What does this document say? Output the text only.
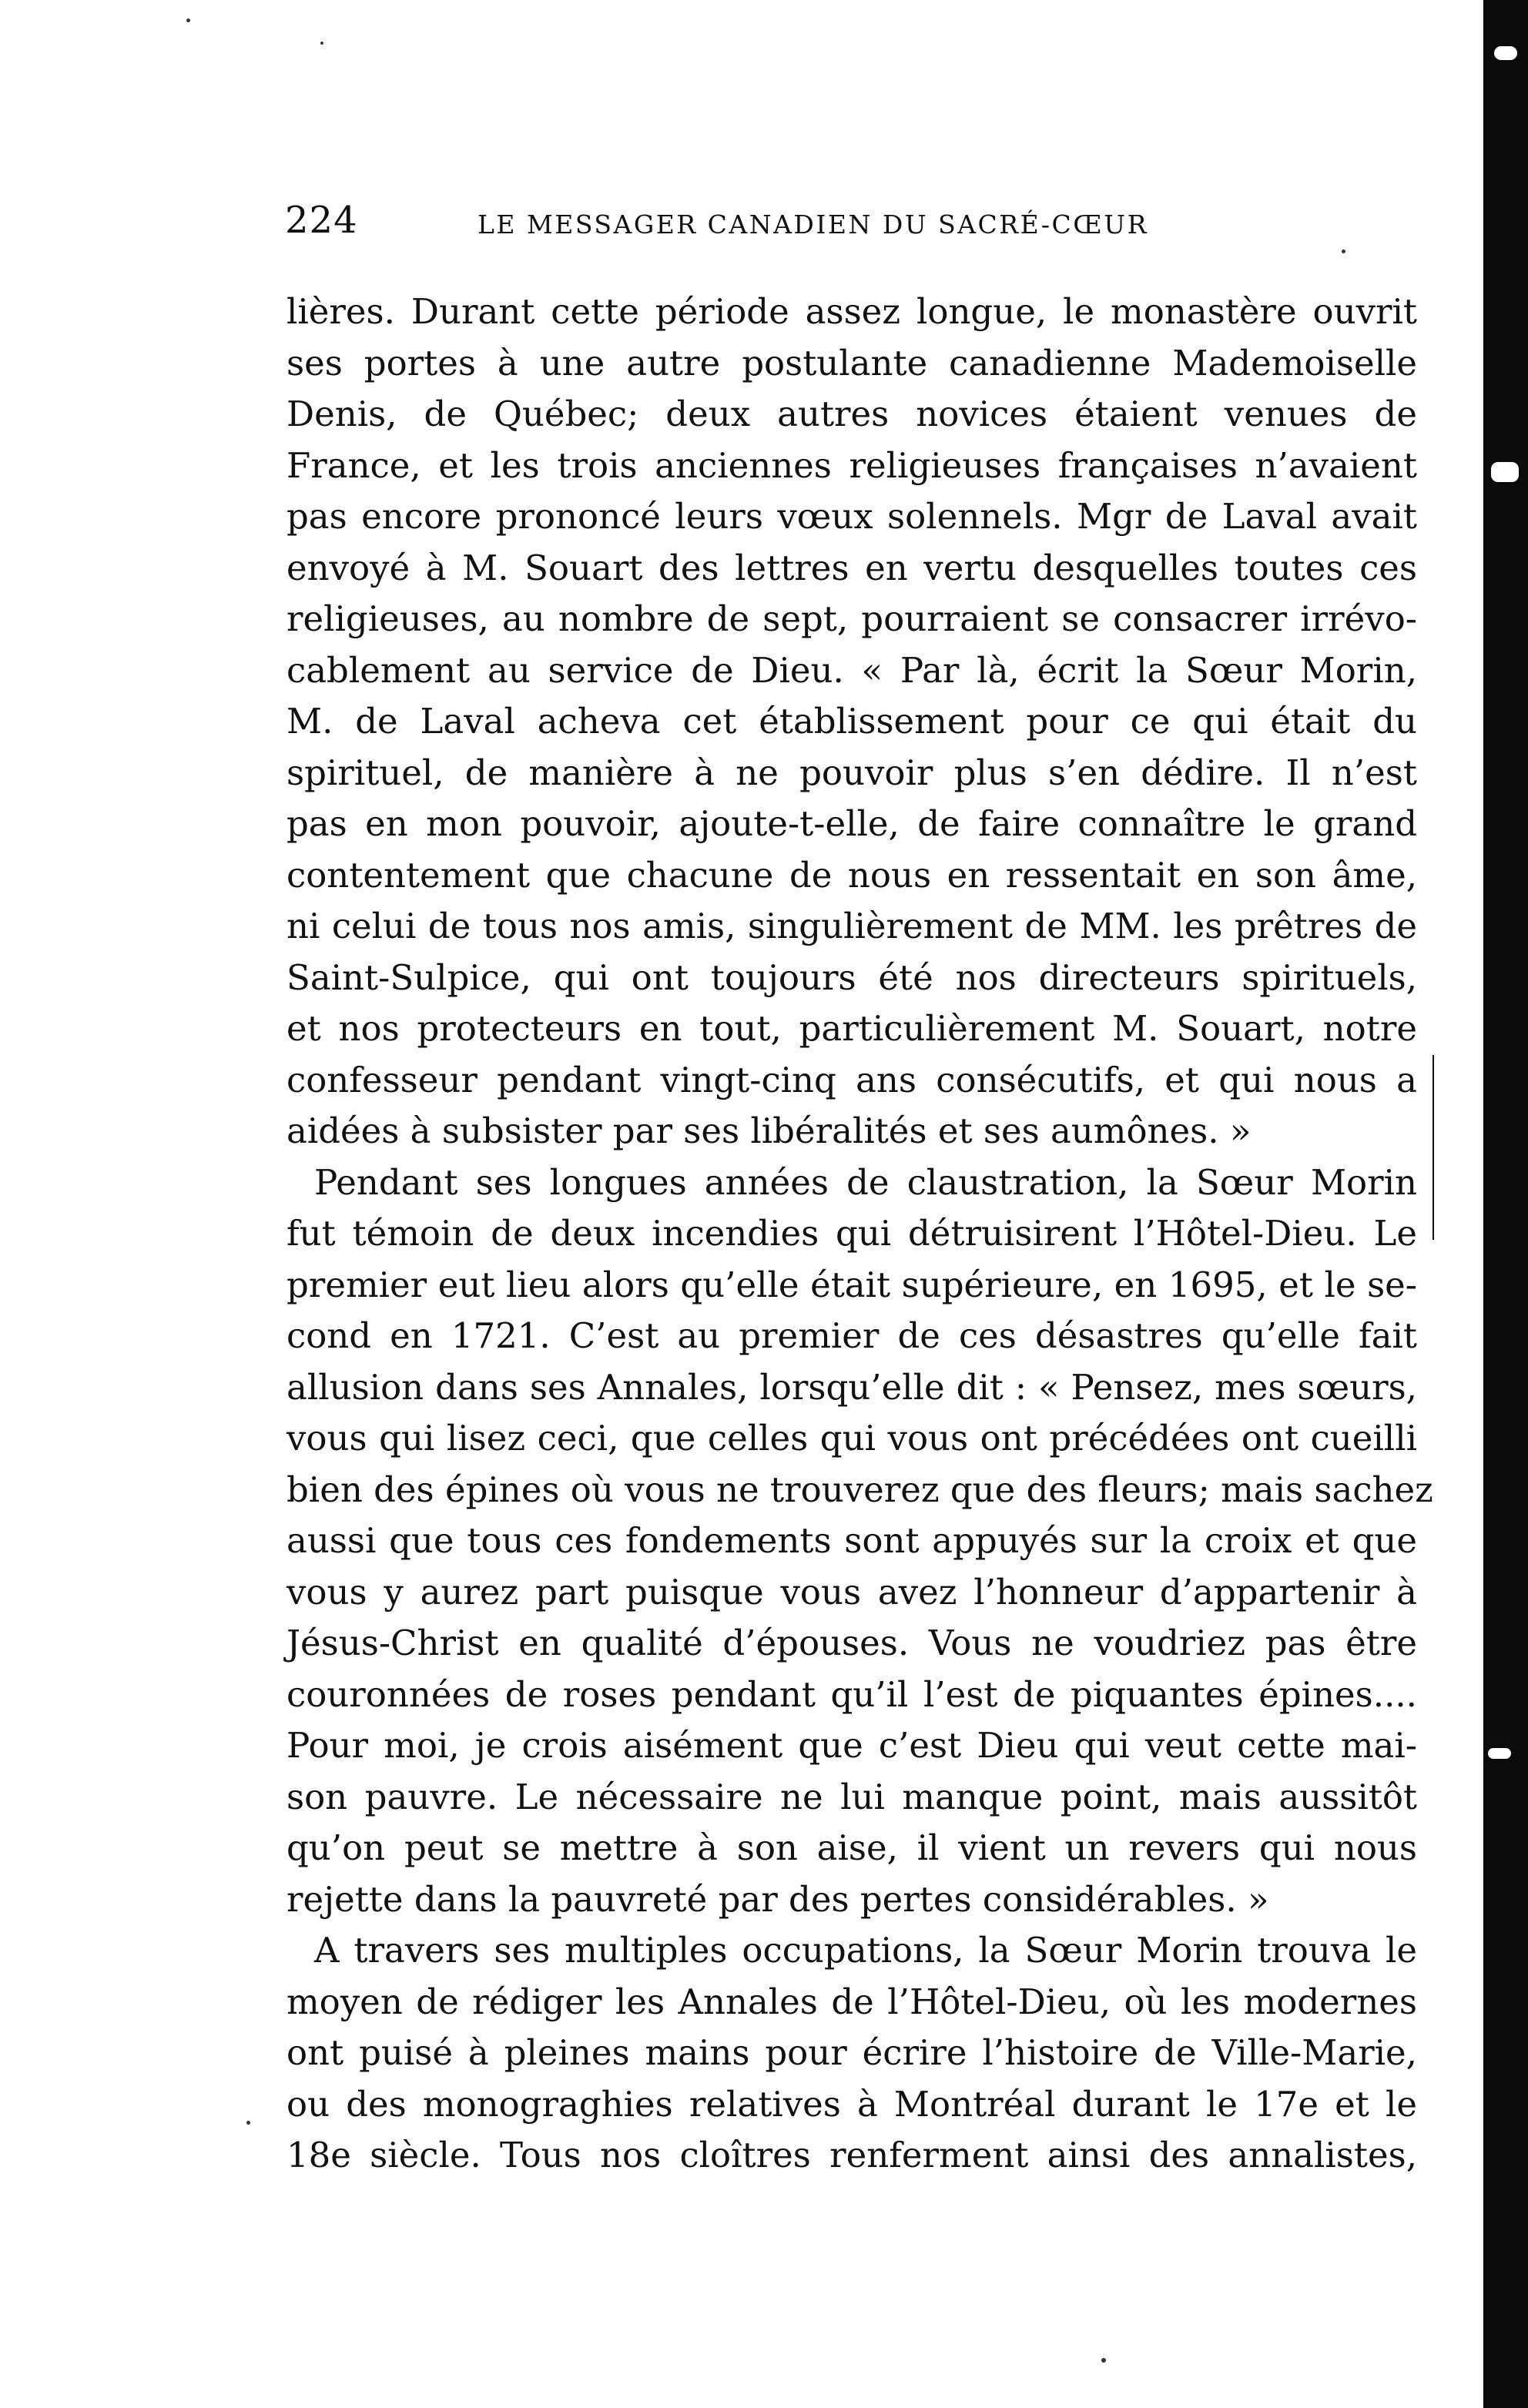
224	LE MESSAGER CANADIEN DU SACRÉ-CŒUR
lières. Durant cette période assez longue, le monastère ouvrit
ses portes à une autre postulante canadienne Mademoiselle
Denis, de Québec; deux autres novices étaient venues de
France, et les trois anciennes religieuses françaises n’avaient
pas encore prononcé leurs vœux solennels. Mgr de Laval avait
envoyé à M. Souart des lettres en vertu desquelles toutes ces
religieuses, au nombre de sept, pourraient se consacrer irrévo-
cablement au service de Dieu. « Par là, écrit la Sœur Morin,
M. de Laval acheva cet établissement pour ce qui était du
spirituel, de manière à ne pouvoir plus s’en dédire. Il n’est
pas en mon pouvoir, ajoute-t-elle, de faire connaître le grand
contentement que chacune de nous en ressentait en son âme,
ni celui de tous nos amis, singulièrement de MM. les prêtres de
Saint-Sulpice, qui ont toujours été nos directeurs spirituels,
et nos protecteurs en tout, particulièrement M. Souart, notre
confesseur pendant vingt-cinq ans consécutifs, et qui nous a
aidées à subsister par ses libéralités et ses aumônes. »
Pendant ses longues années de claustration, la Sœur Morin
fut témoin de deux incendies qui détruisirent l’Hôtel-Dieu. Le
premier eut lieu alors qu’elle était supérieure, en 1695, et le se-
cond en 1721. C’est au premier de ces désastres qu’elle fait
allusion dans ses Annales, lorsqu’elle dit : « Pensez, mes sœurs,
vous qui lisez ceci, que celles qui vous ont précédées ont cueilli
bien des épines où vous ne trouverez que des fleurs; mais sachez
aussi que tous ces fondements sont appuyés sur la croix et que
vous y aurez part puisque vous avez l’honneur d’appartenir à
Jésus-Christ en qualité d’épouses. Vous ne voudriez pas être
couronnées de roses pendant qu’il l’est de piquantes épines....
Pour moi, je crois aisément que c’est Dieu qui veut cette mai-
son pauvre. Le nécessaire ne lui manque point, mais aussitôt
qu’on peut se mettre à son aise, il vient un revers qui nous
rejette dans la pauvreté par des pertes considérables. »
A travers ses multiples occupations, la Sœur Morin trouva le
moyen de rédiger les Annales de l’Hôtel-Dieu, où les modernes
ont puisé à pleines mains pour écrire l’histoire de Ville-Marie,
ou des monograghies relatives à Montréal durant le 17e et le
18e siècle. Tous nos cloîtres renferment ainsi des annalistes,
